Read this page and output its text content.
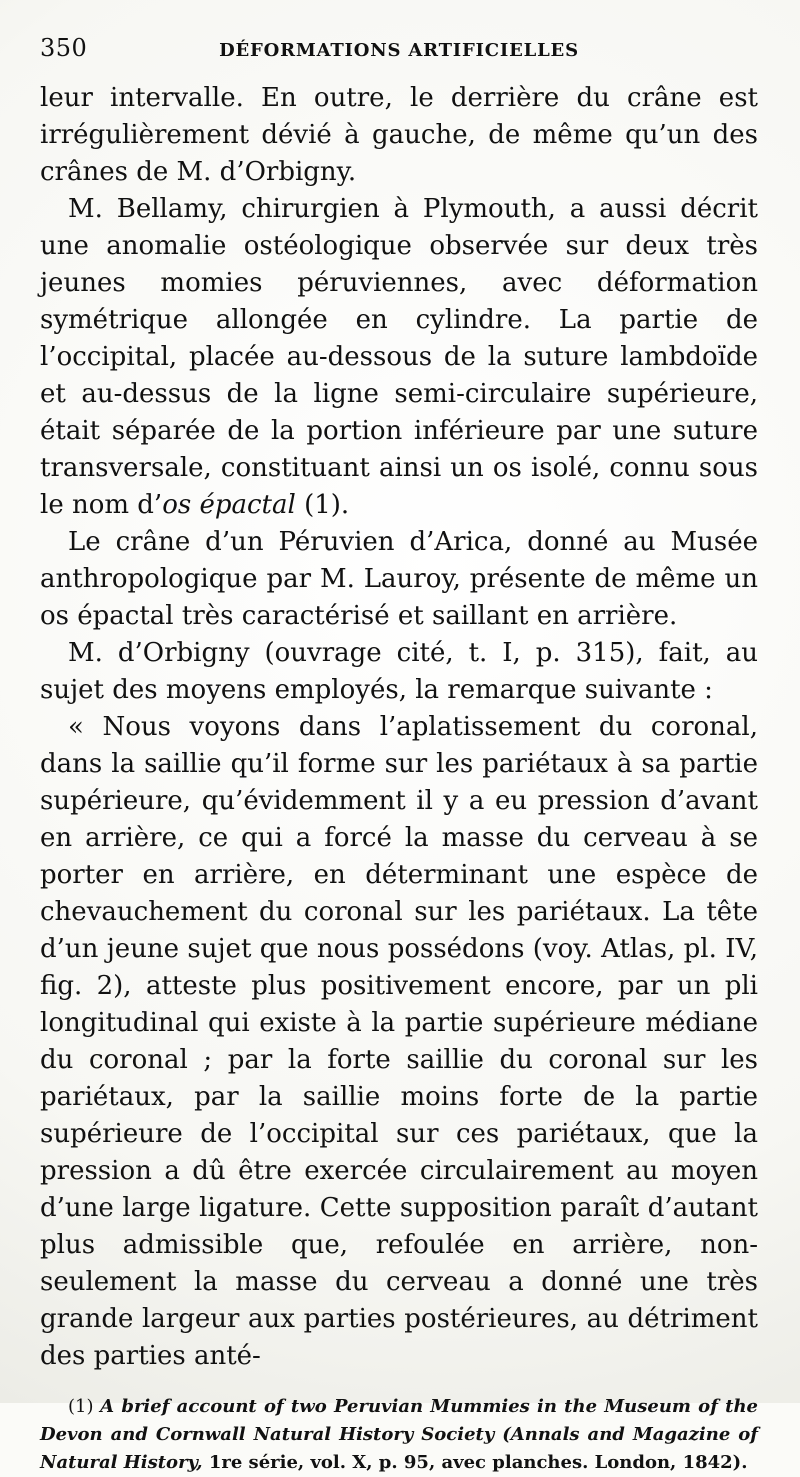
350	DÉFORMATIONS ARTIFICIELLES

leur intervalle. En outre, le derrière du crâne est irrégulièrement dévié à gauche, de même qu’un des crânes de M. d’Orbigny.

M. Bellamy, chirurgien à Plymouth, a aussi décrit une anomalie ostéologique observée sur deux très jeunes momies péruviennes, avec déformation symétrique allongée en cylindre. La partie de l’occipital, placée au-dessous de la suture lambdoïde et au-dessus de la ligne semi-circulaire supérieure, était séparée de la portion inférieure par une suture transversale, constituant ainsi un os isolé, connu sous le nom d’os épactal (1).

Le crâne d’un Péruvien d’Arica, donné au Musée anthropologique par M. Lauroy, présente de même un os épactal très caractérisé et saillant en arrière.

M. d’Orbigny (ouvrage cité, t. I, p. 315), fait, au sujet des moyens employés, la remarque suivante :

« Nous voyons dans l’aplatissement du coronal, dans la saillie qu’il forme sur les pariétaux à sa partie supérieure, qu’évidemment il y a eu pression d’avant en arrière, ce qui a forcé la masse du cerveau à se porter en arrière, en déterminant une espèce de chevauchement du coronal sur les pariétaux. La tête d’un jeune sujet que nous possédons (voy. Atlas, pl. IV, fig. 2), atteste plus positivement encore, par un pli longitudinal qui existe à la partie supérieure médiane du coronal ; par la forte saillie du coronal sur les pariétaux, par la saillie moins forte de la partie supérieure de l’occipital sur ces pariétaux, que la pression a dû être exercée circulairement au moyen d’une large ligature. Cette supposition paraît d’autant plus admissible que, refoulée en arrière, non-seulement la masse du cerveau a donné une très grande largeur aux parties postérieures, au détriment des parties anté-

(1) A brief account of two Peruvian Mummies in the Museum of the Devon and Cornwall Natural History Society (Annals and Magazine of Natural History, 1re série, vol. X, p. 95, avec planches. London, 1842).
